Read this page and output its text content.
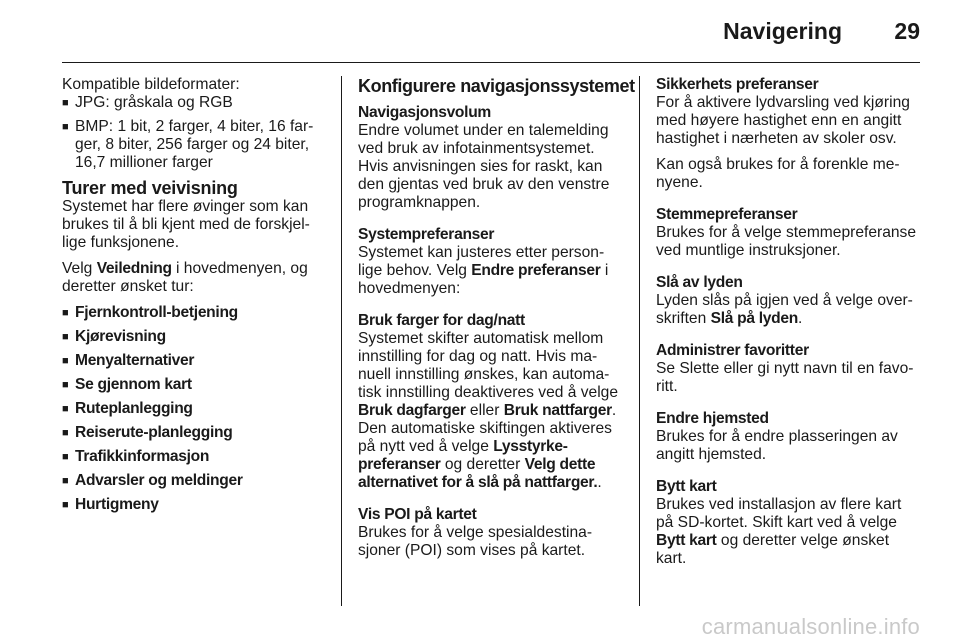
Navigering 29

Kompatible bildeformater:

■ JPG: gråskala og RGB
■ BMP: 1 bit, 2 farger, 4 biter, 16 far-ger, 8 biter, 256 farger og 24 biter, 16,7 millioner farger
Turer med veivisning

Systemet har flere øvinger som kan brukes til å bli kjent med de forskjel-lige funksjonene.

Velg Veiledning i hovedmenyen, og deretter ønsket tur:

■ Fjernkontroll-betjening
■ Kjørevisning
■ Menyalternativer
■ Se gjennom kart
■ Ruteplanlegging
■ Reiserute-planlegging
■ Trafikkinformasjon
■ Advarsler og meldinger
■ Hurtigmeny
Konfigurere navigasjonssystemet
Navigasjonsvolum
Endre volumet under en talemelding ved bruk av infotainmentsystemet. Hvis anvisningen sies for raskt, kan den gjentas ved bruk av den venstre programknappen.
Systempreferanser
Systemet kan justeres etter person-lige behov. Velg Endre preferanser i hovedmenyen:
Bruk farger for dag/natt
Systemet skifter automatisk mellom innstilling for dag og natt. Hvis ma-nuell innstilling ønskes, kan automa-tisk innstilling deaktiveres ved å velge Bruk dagfarger eller Bruk nattfarger. Den automatiske skiftingen aktiveres på nytt ved å velge Lysstyrke-preferanser og deretter Velg dette alternativet for å slå på nattfarger..
Vis POI på kartet
Brukes for å velge spesialdestina-sjoner (POI) som vises på kartet.
Sikkerhets preferanser
For å aktivere lydvarsling ved kjøring med høyere hastighet enn en angitt hastighet i nærheten av skoler osv.

Kan også brukes for å forenkle me-nyene.

Stemmepreferanser
Brukes for å velge stemmepreferanse ved muntlige instruksjoner.
Slå av lyden
Lyden slås på igjen ved å velge over-skriften Slå på lyden.
Administrer favoritter
Se Slette eller gi nytt navn til en favo-ritt.
Endre hjemsted
Brukes for å endre plasseringen av angitt hjemsted.
Bytt kart
Brukes ved installasjon av flere kart på SD-kortet. Skift kart ved å velge Bytt kart og deretter velge ønsket kart.
carmanualsonline.info
